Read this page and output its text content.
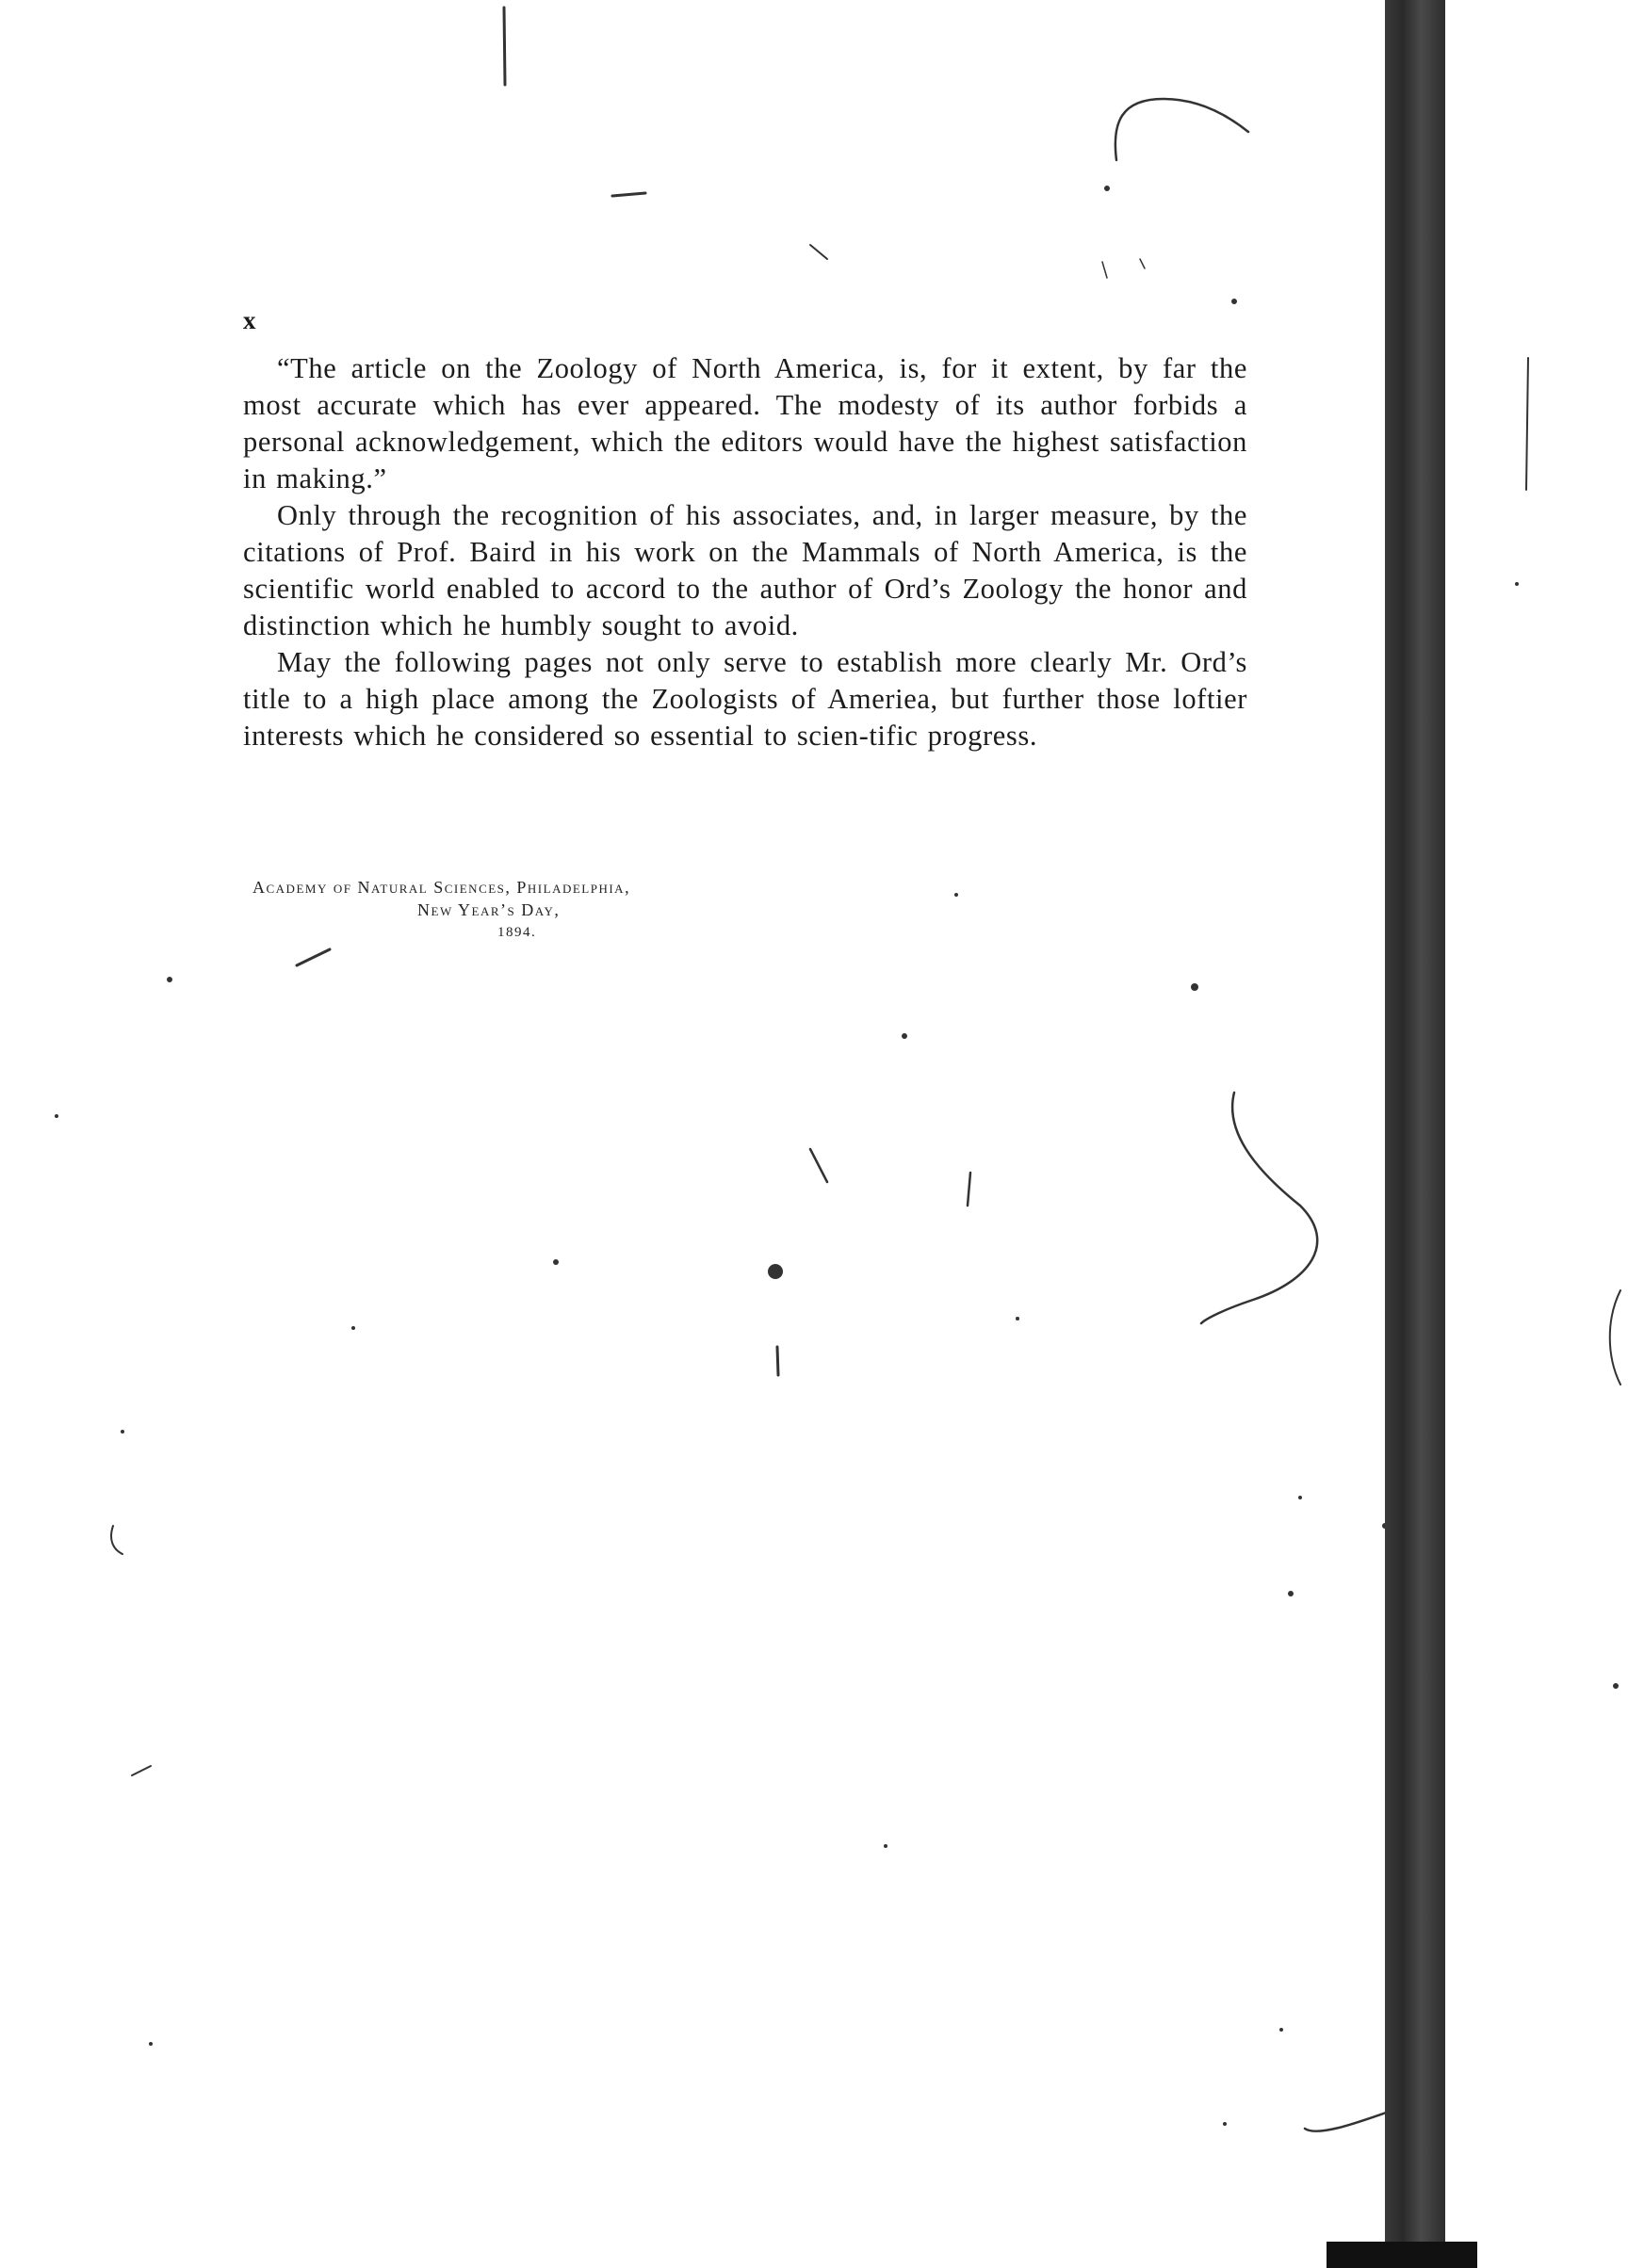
x

“The article on the Zoology of North America, is, for it extent, by far the most accurate which has ever appeared. The modesty of its author forbids a personal acknowledgement, which the editors would have the highest satisfaction in making.”

Only through the recognition of his associates, and, in larger measure, by the citations of Prof. Baird in his work on the Mammals of North America, is the scientific world enabled to accord to the author of Ord’s Zoology the honor and distinction which he humbly sought to avoid.

May the following pages not only serve to establish more clearly Mr. Ord’s title to a high place among the Zoologists of Ameriea, but further those loftier interests which he considered so essential to scien-tific progress.

Academy of Natural Sciences, Philadelphia,
New Year’s Day,
1894.
